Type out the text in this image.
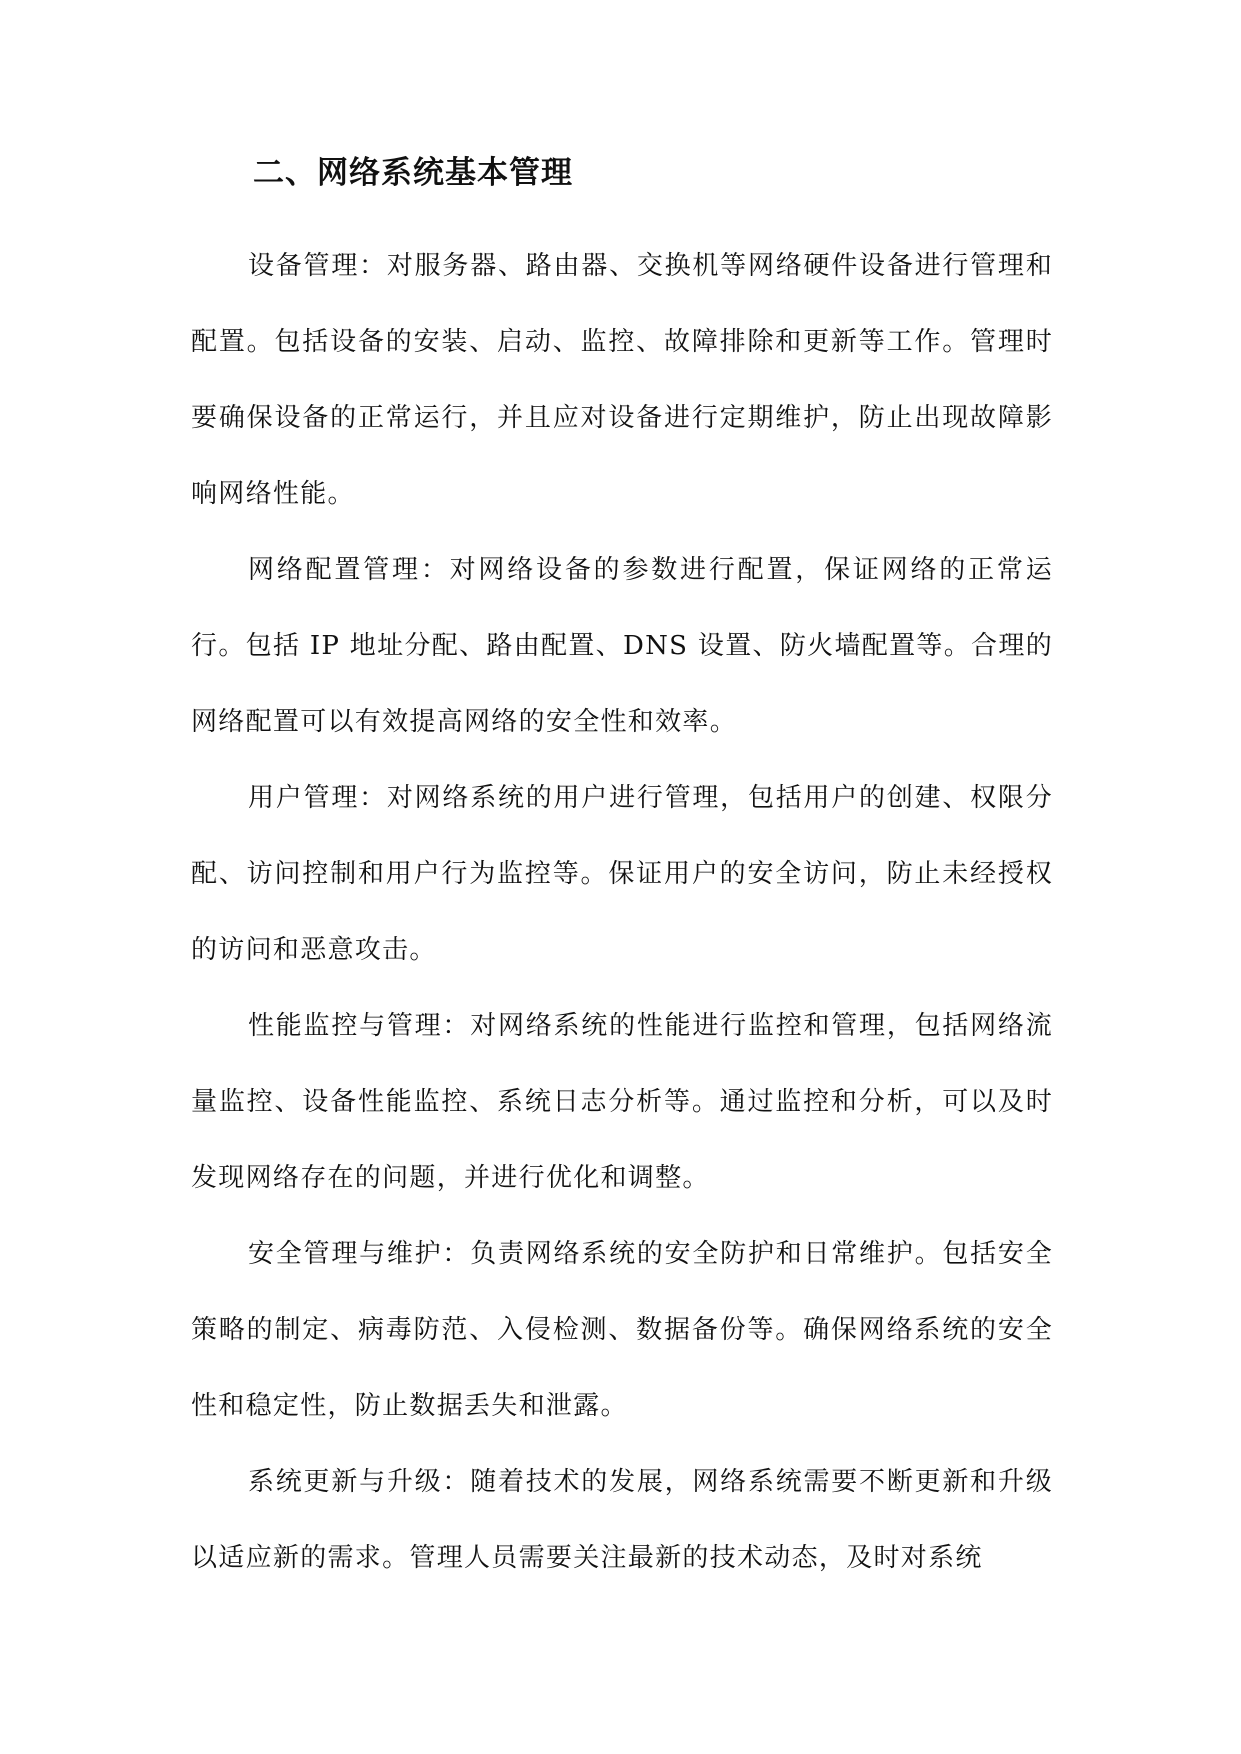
二、网络系统基本管理

设备管理：对服务器、路由器、交换机等网络硬件设备进行管理和配置。包括设备的安装、启动、监控、故障排除和更新等工作。管理时要确保设备的正常运行，并且应对设备进行定期维护，防止出现故障影响网络性能。

网络配置管理：对网络设备的参数进行配置，保证网络的正常运行。包括 IP 地址分配、路由配置、DNS 设置、防火墙配置等。合理的网络配置可以有效提高网络的安全性和效率。

用户管理：对网络系统的用户进行管理，包括用户的创建、权限分配、访问控制和用户行为监控等。保证用户的安全访问，防止未经授权的访问和恶意攻击。

性能监控与管理：对网络系统的性能进行监控和管理，包括网络流量监控、设备性能监控、系统日志分析等。通过监控和分析，可以及时发现网络存在的问题，并进行优化和调整。

安全管理与维护：负责网络系统的安全防护和日常维护。包括安全策略的制定、病毒防范、入侵检测、数据备份等。确保网络系统的安全性和稳定性，防止数据丢失和泄露。

系统更新与升级：随着技术的发展，网络系统需要不断更新和升级以适应新的需求。管理人员需要关注最新的技术动态，及时对系统
